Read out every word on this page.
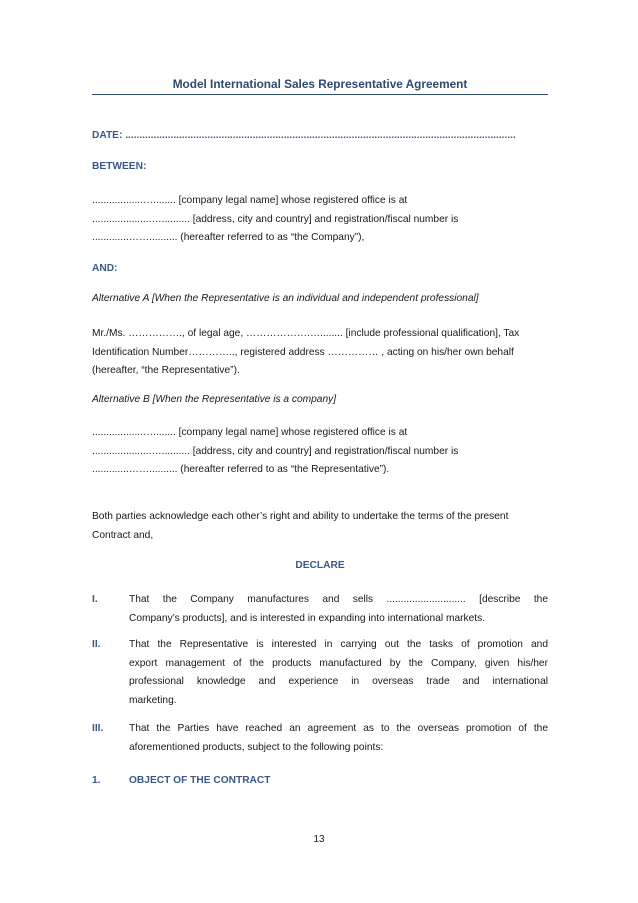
Model International Sales Representative Agreement
DATE: ..........................................................................................................................................
BETWEEN:
..................…........ [company legal name] whose registered office is at
.....................….......... [address, city and country] and registration/fiscal number is
.............…….......... (hereafter referred to as “the Company”),
AND:
Alternative A [When the Representative is an individual and independent professional]
Mr./Ms. ……………., of legal age, ……………….…........ [include professional qualification], Tax
Identification Number………….., registered address …………… , acting on his/her own behalf
(hereafter, “the Representative”).
Alternative B [When the Representative is a company]
..................…........ [company legal name] whose registered office is at
.....................….......... [address, city and country] and registration/fiscal number is
.............…….......... (hereafter referred to as “the Representative”).
Both parties acknowledge each other’s right and ability to undertake the terms of the present
Contract and,
DECLARE
I.	That the Company manufactures and sells ............................ [describe the
Company’s products], and is interested in expanding into international markets.
II.	That the Representative is interested in carrying out the tasks of promotion and
export management of the products manufactured by the Company, given his/her
professional knowledge and experience in overseas trade and international
marketing.
III.	That the Parties have reached an agreement as to the overseas promotion of the
aforementioned products, subject to the following points:
1.	OBJECT OF THE CONTRACT
13
